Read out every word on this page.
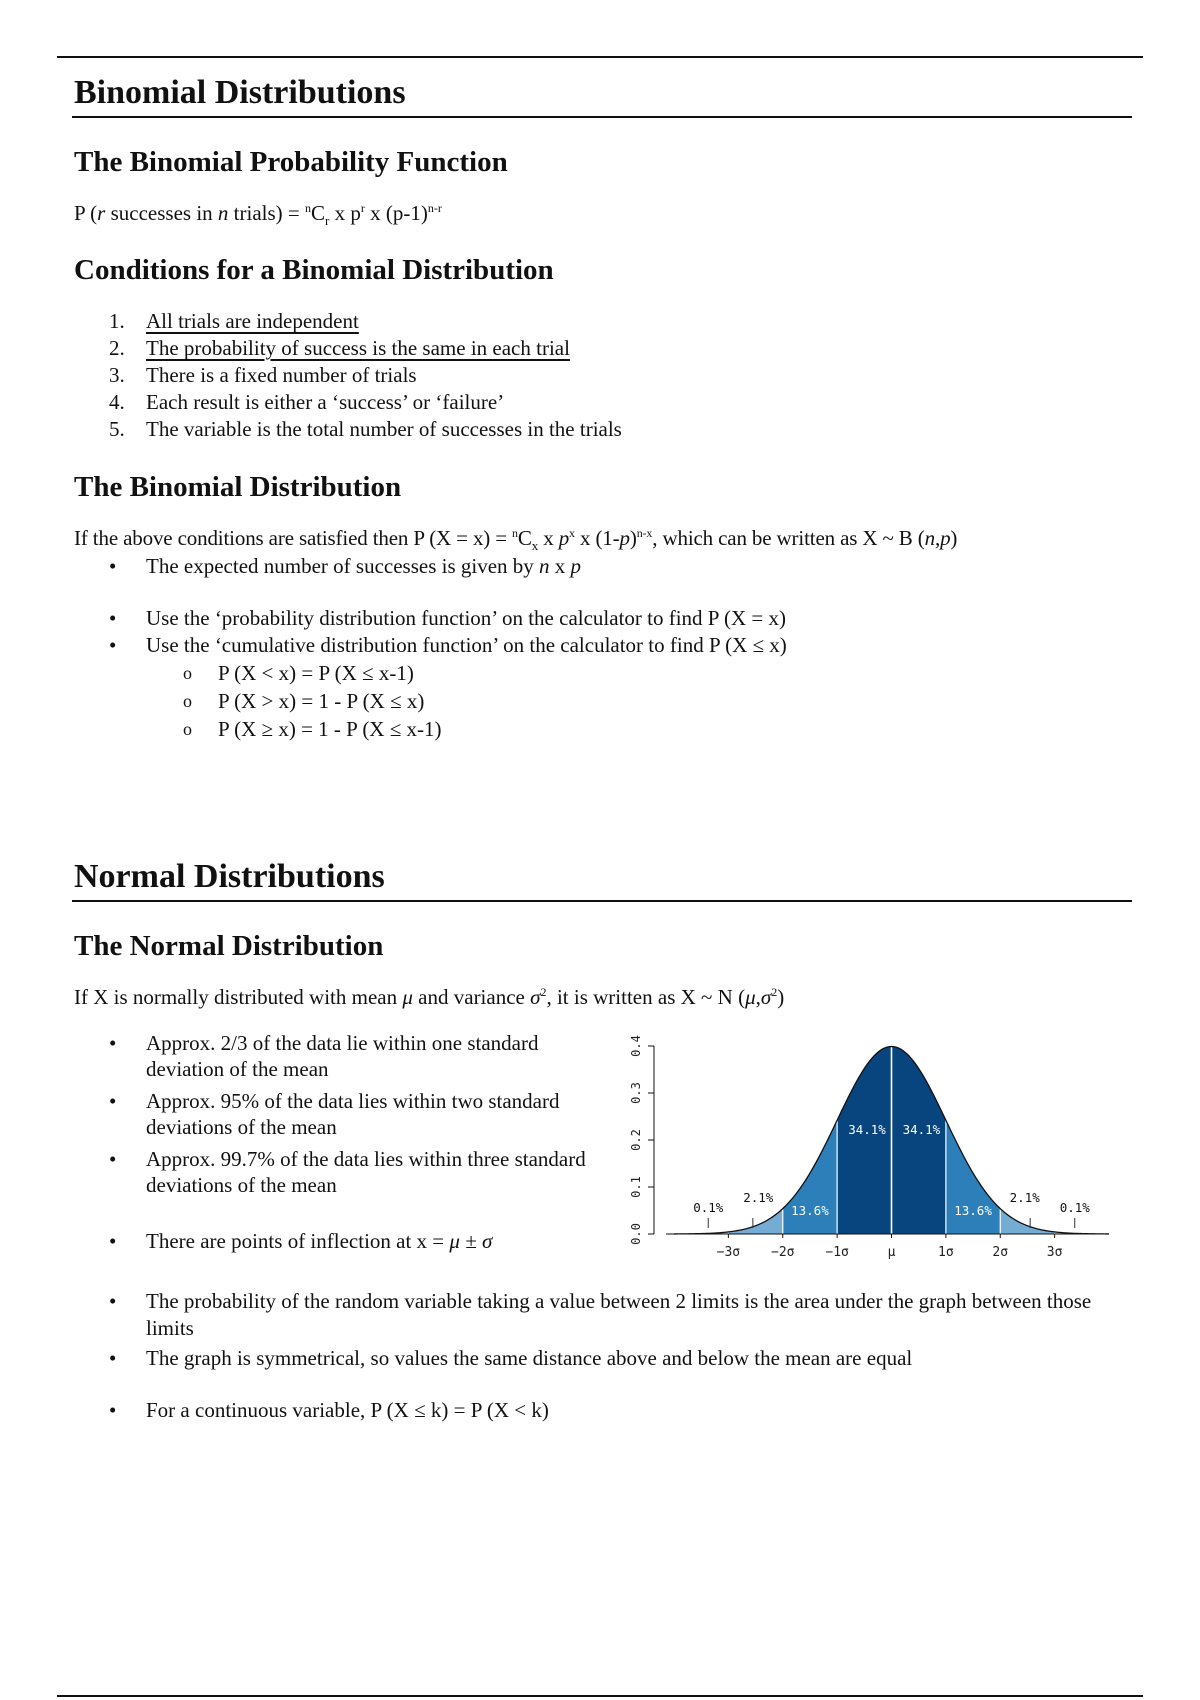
Binomial Distributions
The Binomial Probability Function

P (r successes in n trials) = $^nC_r$ x $p^r$ x $(p-1)^{n-r}$

Conditions for a Binomial Distribution
1. All trials are independent
2. The probability of success is the same in each trial
3. There is a fixed number of trials
4. Each result is either a ‘success’ or ‘failure’
5. The variable is the total number of successes in the trials
The Binomial Distribution

If the above conditions are satisfied then P $(X = x) = ^nC_x$ x $p^x$ x $(1-p)^{n-x}$, which can be written as X ~ B (n,p)

• The expected number of successes is given by n x p
• Use the ‘probability distribution function’ on the calculator to find P (X = x)
• Use the ‘cumulative distribution function’ on the calculator to find P (X ≤ x)
o P (X < x) = P (X ≤ x-1)
o P (X > x) = 1 - P (X ≤ x)
o P (X ≥ x) = 1 - P (X ≤ x-1)
Normal Distributions
The Normal Distribution

If X is normally distributed with mean μ and variance $\sigma^2$, it is written as X ~ N $(\mu,\sigma^2)$

• Approx. 2/3 of the data lie within one standard deviation of the mean
• Approx. 95% of the data lies within two standard deviations of the mean
• Approx. 99.7% of the data lies within three standard deviations of the mean
• There are points of inflection at x = μ ± σ	0.0
0.1
0.2
0.3
0.4
−3σ −2σ −1σ	μ	1σ	2σ	3σ
0.1%
2.1%
13.6%
34.1% 34.1%
13.6%
2.1%
0.1%
• The probability of the random variable taking a value between 2 limits is the area under the graph between those limits
• The graph is symmetrical, so values the same distance above and below the mean are equal
• For a continuous variable, P (X ≤ k) = P (X < k)
